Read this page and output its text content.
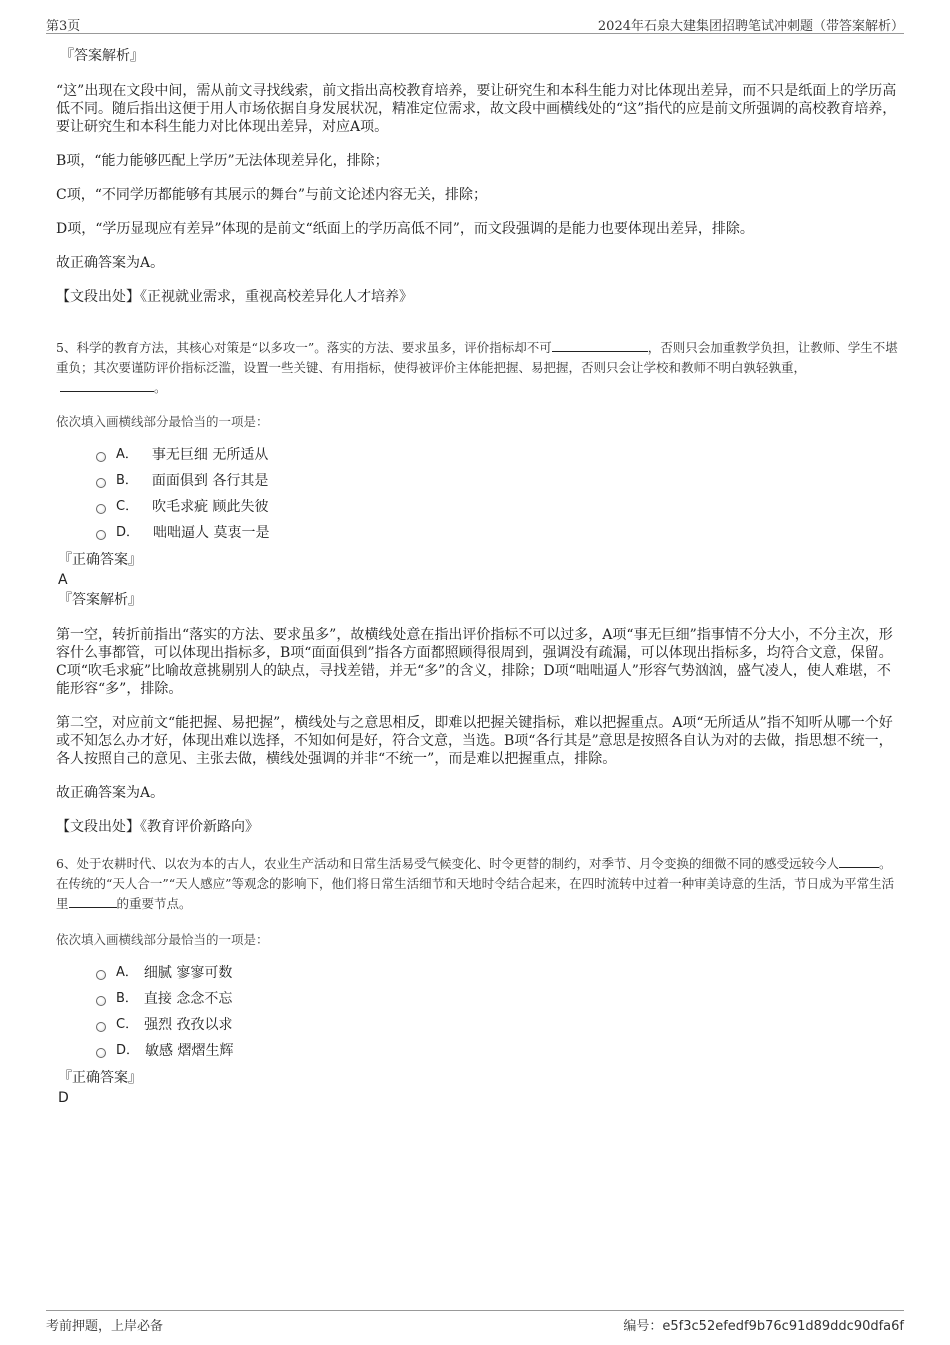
第3页	2024年石泉大建集团招聘笔试冲刺题（带答案解析）
『答案解析』

“这”出现在文段中间，需从前文寻找线索，前文指出高校教育培养，要让研究生和本科生能力对比体现出差异，而不只是纸面上的学历高低不同。随后指出这便于用人市场依据自身发展状况，精准定位需求，故文段中画横线处的“这”指代的应是前文所强调的高校教育培养，要让研究生和本科生能力对比体现出差异，对应A项。

B项，“能力能够匹配上学历”无法体现差异化，排除；

C项，“不同学历都能够有其展示的舞台”与前文论述内容无关，排除；

D项，“学历显现应有差异”体现的是前文“纸面上的学历高低不同”，而文段强调的是能力也要体现出差异，排除。

故正确答案为A。

【文段出处】《正视就业需求，重视高校差异化人才培养》

5、科学的教育方法，其核心对策是“以多攻一”。落实的方法、要求虽多，评价指标却不可	，否则只会加重教学负担，让教师、学生不堪重负；其次要谨防评价指标泛滥，设置一些关键、有用指标，使得被评价主体能把握、易把握，否则只会让学校和教师不明白孰轻孰重，。

依次填入画横线部分最恰当的一项是：

A． 事无巨细 无所适从
B． 面面俱到 各行其是
C． 吹毛求疵 顾此失彼
D． 咄咄逼人 莫衷一是
『正确答案』
A
『答案解析』

第一空，转折前指出“落实的方法、要求虽多”，故横线处意在指出评价指标不可以过多，A项“事无巨细”指事情不分大小，不分主次，形容什么事都管，可以体现出指标多，B项“面面俱到”指各方面都照顾得很周到，强调没有疏漏，可以体现出指标多，均符合文意，保留。C项“吹毛求疵”比喻故意挑剔别人的缺点，寻找差错，并无“多”的含义，排除；D项“咄咄逼人”形容气势汹汹，盛气凌人，使人难堪，不能形容“多”，排除。

第二空，对应前文“能把握、易把握”，横线处与之意思相反，即难以把握关键指标，难以把握重点。A项“无所适从”指不知听从哪一个好或不知怎么办才好，体现出难以选择，不知如何是好，符合文意，当选。B项“各行其是”意思是按照各自认为对的去做，指思想不统一，各人按照自己的意见、主张去做，横线处强调的并非“不统一”，而是难以把握重点，排除。

故正确答案为A。

【文段出处】《教育评价新路向》

6、处于农耕时代、以农为本的古人，农业生产活动和日常生活易受气候变化、时令更替的制约，对季节、月令变换的细微不同的感受远较今人	。在传统的“天人合一”“天人感应”等观念的影响下，他们将日常生活细节和天地时令结合起来，在四时流转中过着一种审美诗意的生活，节日成为平常生活里	的重要节点。

依次填入画横线部分最恰当的一项是：

A． 细腻 寥寥可数
B． 直接 念念不忘
C． 强烈 孜孜以求
D． 敏感 熠熠生辉
『正确答案』
D
考前押题，上岸必备	编号：e5f3c52efedf9b76c91d89ddc90dfa6f
